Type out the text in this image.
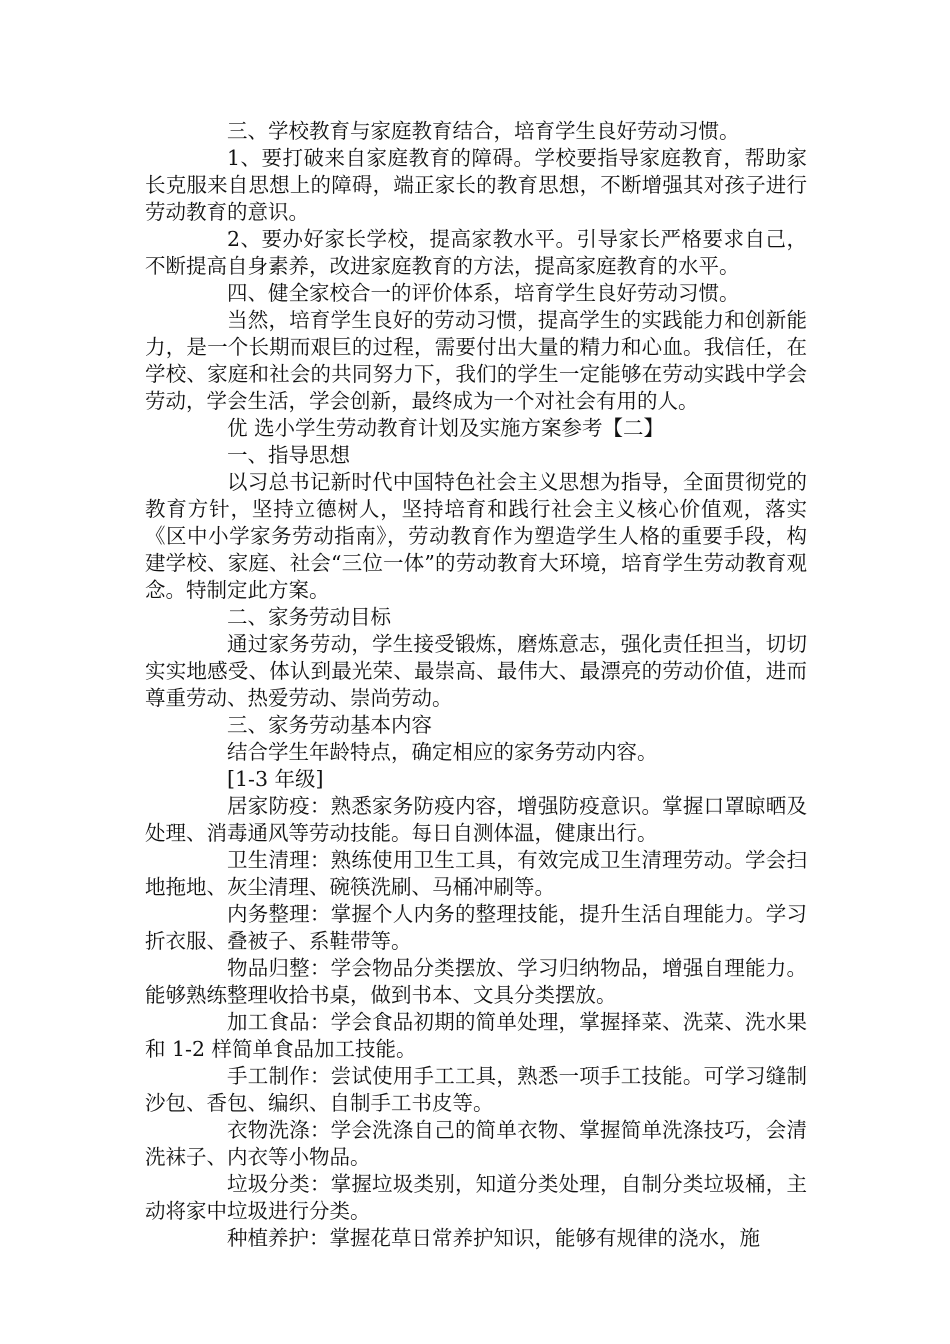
三、学校教育与家庭教育结合，培育学生良好劳动习惯。

1、要打破来自家庭教育的障碍。学校要指导家庭教育，帮助家长克服来自思想上的障碍，端正家长的教育思想，不断增强其对孩子进行劳动教育的意识。

2、要办好家长学校，提高家教水平。引导家长严格要求自己，不断提高自身素养，改进家庭教育的方法，提高家庭教育的水平。

四、健全家校合一的评价体系，培育学生良好劳动习惯。

当然，培育学生良好的劳动习惯，提高学生的实践能力和创新能力，是一个长期而艰巨的过程，需要付出大量的精力和心血。我信任，在学校、家庭和社会的共同努力下，我们的学生一定能够在劳动实践中学会劳动，学会生活，学会创新，最终成为一个对社会有用的人。

优 选小学生劳动教育计划及实施方案参考【二】

一、指导思想

以习总书记新时代中国特色社会主义思想为指导，全面贯彻党的教育方针，坚持立德树人，坚持培育和践行社会主义核心价值观，落实《区中小学家务劳动指南》，劳动教育作为塑造学生人格的重要手段，构建学校、家庭、社会“三位一体”的劳动教育大环境，培育学生劳动教育观念。特制定此方案。

二、家务劳动目标

通过家务劳动，学生接受锻炼，磨炼意志，强化责任担当，切切实实地感受、体认到最光荣、最崇高、最伟大、最漂亮的劳动价值，进而尊重劳动、热爱劳动、崇尚劳动。

三、家务劳动基本内容

结合学生年龄特点，确定相应的家务劳动内容。

[1-3 年级]

居家防疫：熟悉家务防疫内容，增强防疫意识。掌握口罩晾晒及处理、消毒通风等劳动技能。每日自测体温，健康出行。

卫生清理：熟练使用卫生工具，有效完成卫生清理劳动。学会扫地拖地、灰尘清理、碗筷洗刷、马桶冲刷等。

内务整理：掌握个人内务的整理技能，提升生活自理能力。学习折衣服、叠被子、系鞋带等。

物品归整：学会物品分类摆放、学习归纳物品，增强自理能力。能够熟练整理收拾书桌，做到书本、文具分类摆放。

加工食品：学会食品初期的简单处理，掌握择菜、洗菜、洗水果和 1-2 样简单食品加工技能。

手工制作：尝试使用手工工具，熟悉一项手工技能。可学习缝制沙包、香包、编织、自制手工书皮等。

衣物洗涤：学会洗涤自己的简单衣物、掌握简单洗涤技巧，会清洗袜子、内衣等小物品。

垃圾分类：掌握垃圾类别，知道分类处理，自制分类垃圾桶，主动将家中垃圾进行分类。

种植养护：掌握花草日常养护知识，能够有规律的浇水，施
